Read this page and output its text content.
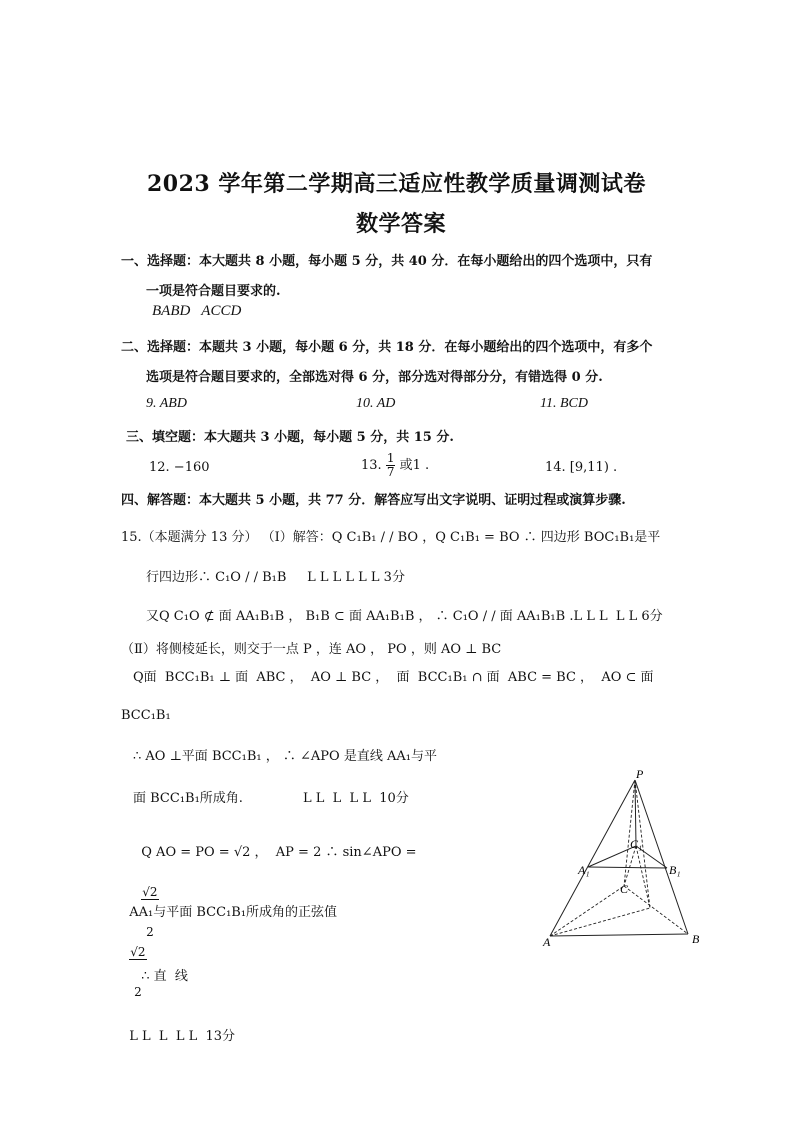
2023 学年第二学期高三适应性教学质量调测试卷
数学答案
一、选择题：本大题共 8 小题，每小题 5 分，共 40 分．在每小题给出的四个选项中，只有
一项是符合题目要求的.
BABD   ACCD
二、选择题：本题共 3 小题，每小题 6 分，共 18 分．在每小题给出的四个选项中，有多个
选项是符合题目要求的，全部选对得 6 分，部分选对得部分分，有错选得 0 分.
9. ABD	10. AD	11. BCD
三、填空题：本大题共 3 小题，每小题 5 分，共 15 分.
12. −160	13. $\frac{1}{7}$ 或1 .	14. [9,11) .
四、解答题：本大题共 5 小题，共 77 分．解答应写出文字说明、证明过程或演算步骤.
15.（本题满分 13 分） （Ⅰ）解答：Q C₁B₁ / / BO ，Q C₁B₁ = BO ∴ 四边形 BOC₁B₁是平
行四边形∴ C₁O / / B₁B     L L L L L L 3分
又Q C₁O ⊄ 面 AA₁B₁B ， B₁B ⊂ 面 AA₁B₁B ， ∴ C₁O / / 面 AA₁B₁B .L L L  L L 6分
（Ⅱ）将侧棱延长，则交于一点 P ，连 AO ， PO ，则 AO ⊥ BC
Q面  BCC₁B₁ ⊥ 面  ABC ，  AO ⊥ BC ，  面  BCC₁B₁ ∩ 面  ABC = BC ，  AO ⊂ 面
BCC₁B₁
∴ AO ⊥平面 BCC₁B₁ ， ∴ ∠APO 是直线 AA₁与平
面 BCC₁B₁所成角.	L L  L  L L  10分

Q AO = PO = √2 ，  AP = 2 ∴ sin∠APO =

$\frac{√2}{2}$

∴ 直  线

AA₁与平面 BCC₁B₁所成角的正弦值

$\frac{√2}{2}$

L L  L  L L  13分

P
C₁
A₁	B₁
C
A	B
